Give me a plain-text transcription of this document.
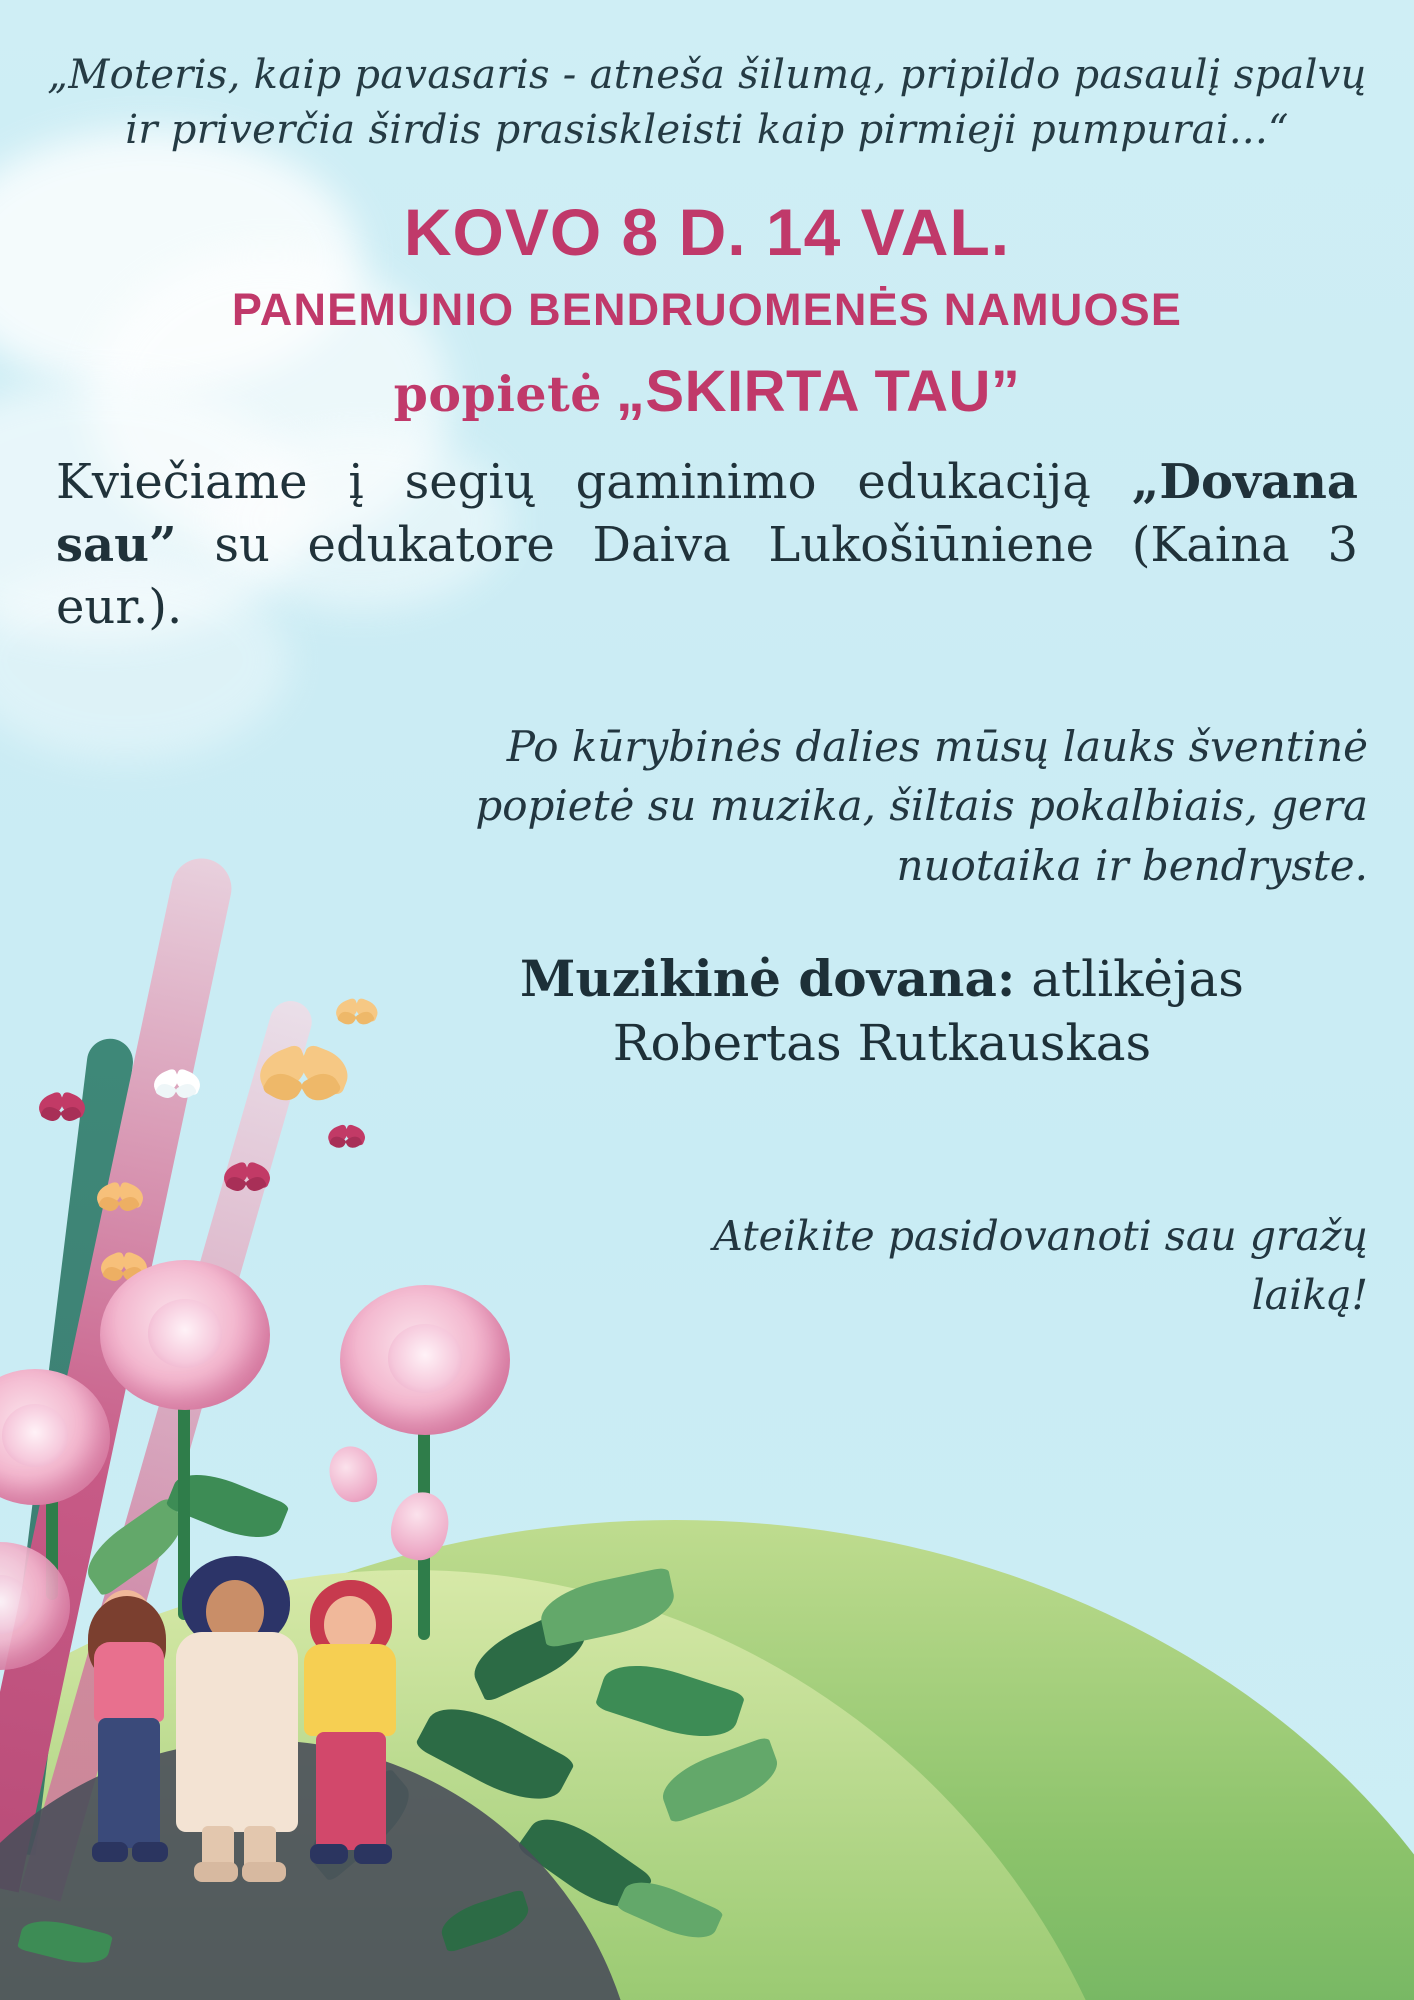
„Moteris, kaip pavasaris - atneša šilumą, pripildo pasaulį spalvų ir priverčia širdis prasiskleisti kaip pirmieji pumpurai...“
KOVO 8 D. 14 VAL.
PANEMUNIO BENDRUOMENĖS NAMUOSE
popietė „SKIRTA TAU”
Kviečiame į segių gaminimo edukaciją „Dovana sau” su edukatore Daiva Lukošiūniene (Kaina 3 eur.).
Po kūrybinės dalies mūsų lauks šventinė popietė su muzika, šiltais pokalbiais, gera nuotaika ir bendryste.
Muzikinė dovana: atlikėjas
Robertas Rutkauskas
Ateikite pasidovanoti sau gražų laiką!
